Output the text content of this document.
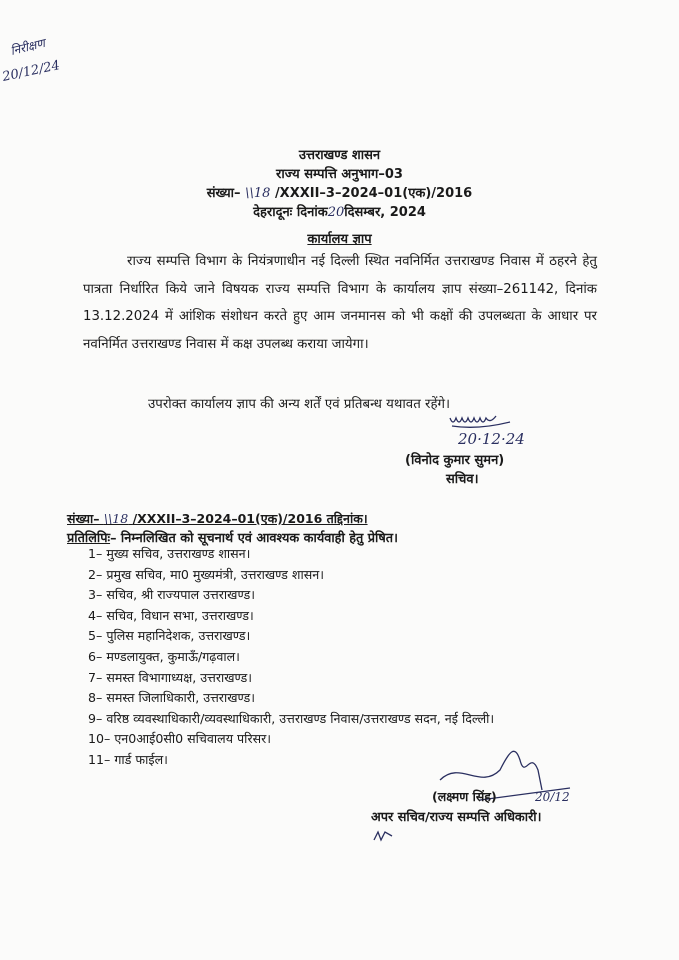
निरीक्षण
20/12/24
उत्तराखण्ड शासन
राज्य सम्पत्ति अनुभाग–03
संख्या– \\18 /XXXII–3–2024–01(एक)/2016
देहरादूनः दिनांक20दिसम्बर, 2024
कार्यालय ज्ञाप
राज्य सम्पत्ति विभाग के नियंत्रणाधीन नई दिल्ली स्थित नवनिर्मित उत्तराखण्ड निवास में ठहरने हेतु पात्रता निर्धारित किये जाने विषयक राज्य सम्पत्ति विभाग के कार्यालय ज्ञाप संख्या–261142, दिनांक 13.12.2024 में आंशिक संशोधन करते हुए आम जनमानस को भी कक्षों की उपलब्धता के आधार पर नवनिर्मित उत्तराखण्ड निवास में कक्ष उपलब्ध कराया जायेगा।
उपरोक्त कार्यालय ज्ञाप की अन्य शर्तें एवं प्रतिबन्ध यथावत रहेंगे।
20·12·24
(विनोद कुमार सुमन)
सचिव।
संख्या– \\18 /XXXII–3–2024–01(एक)/2016 तद्दिनांक।
प्रतिलिपिः– निम्नलिखित को सूचनार्थ एवं आवश्यक कार्यवाही हेतु प्रेषित।
1– मुख्य सचिव, उत्तराखण्ड शासन।
2– प्रमुख सचिव, मा0 मुख्यमंत्री, उत्तराखण्ड शासन।
3– सचिव, श्री राज्यपाल उत्तराखण्ड।
4– सचिव, विधान सभा, उत्तराखण्ड।
5– पुलिस महानिदेशक, उत्तराखण्ड।
6– मण्डलायुक्त, कुमाऊँ/गढ़वाल।
7– समस्त विभागाध्यक्ष, उत्तराखण्ड।
8– समस्त जिलाधिकारी, उत्तराखण्ड।
9– वरिष्ठ व्यवस्थाधिकारी/व्यवस्थाधिकारी, उत्तराखण्ड निवास/उत्तराखण्ड सदन, नई दिल्ली।
10– एन0आई0सी0 सचिवालय परिसर।
11– गार्ड फाईल।
(लक्ष्मण सिंह)	20/12
अपर सचिव/राज्य सम्पत्ति अधिकारी।
